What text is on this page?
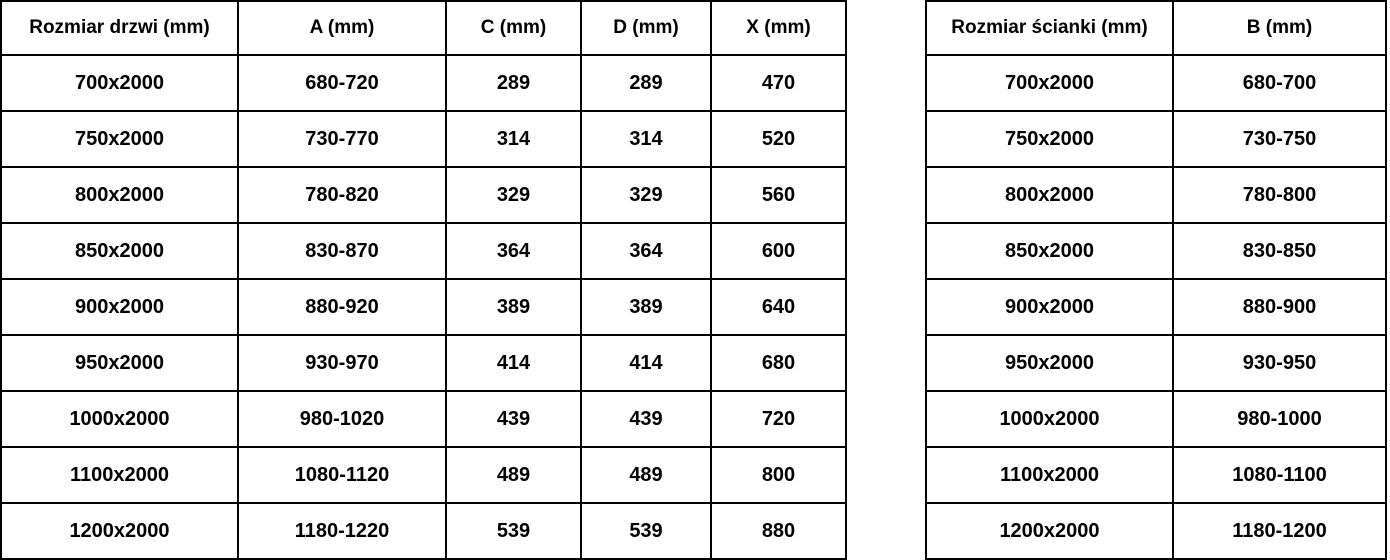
Rozmiar drzwi (mm)	A (mm)	C (mm)	D (mm)	X (mm)
700x2000	680-720	289	289	470
750x2000	730-770	314	314	520
800x2000	780-820	329	329	560
850x2000	830-870	364	364	600
900x2000	880-920	389	389	640
950x2000	930-970	414	414	680
1000x2000	980-1020	439	439	720
1100x2000	1080-1120	489	489	800
1200x2000	1180-1220	539	539	880
Rozmiar ścianki (mm)	B (mm)
700x2000	680-700
750x2000	730-750
800x2000	780-800
850x2000	830-850
900x2000	880-900
950x2000	930-950
1000x2000	980-1000
1100x2000	1080-1100
1200x2000	1180-1200
